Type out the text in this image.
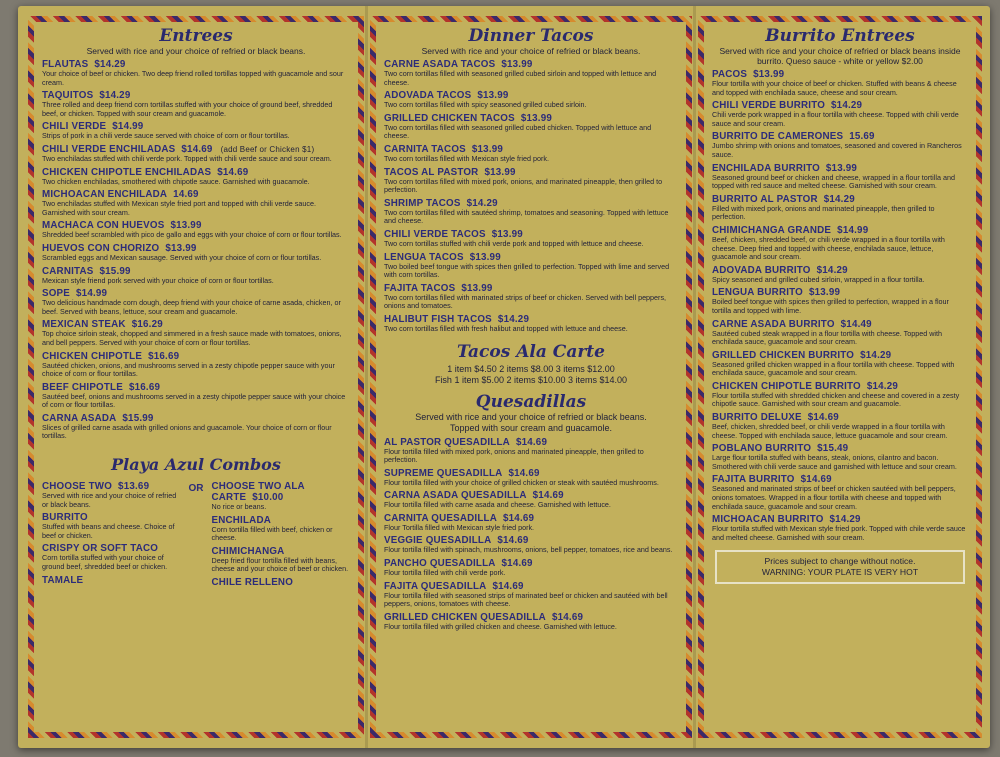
Entrees
Served with rice and your choice of refried or black beans.
FLAUTAS $14.29
Your choice of beef or chicken. Two deep friend rolled tortillas topped with guacamole and sour cream.
TAQUITOS $14.29
Three rolled and deep friend corn tortillas stuffed with your choice of ground beef, shredded beef, or chicken. Topped with sour cream and guacamole.
CHILI VERDE $14.99
Strips of pork in a chili verde sauce served with choice of corn or flour tortillas.
CHILI VERDE ENCHILADAS $14.69 (add Beef or Chicken $1)
Two enchiladas stuffed with chili verde pork. Topped with chili verde sauce and sour cream.
CHICKEN CHIPOTLE ENCHILADAS $14.69
Two chicken enchiladas, smothered with chipotle sauce. Garnished with guacamole.
MICHOACAN ENCHILADA 14.69
Two enchiladas stuffed with Mexican style fried port and topped with chili verde sauce. Garnished with sour cream.
MACHACA CON HUEVOS $13.99
Shredded beef scrambled with pico de gallo and eggs with your choice of corn or flour tortillas.
HUEVOS CON CHORIZO $13.99
Scrambled eggs and Mexican sausage. Served with your choice of corn or flour tortillas.
CARNITAS $15.99
Mexican style friend pork served with your choice of corn or flour tortillas.
SOPE $14.99
Two delicious handmade corn dough, deep friend with your choice of carne asada, chicken, or beef. Served with beans, lettuce, sour cream and guacamole.
MEXICAN STEAK $16.29
Top choice sirloin steak, chopped and simmered in a fresh sauce made with tomatoes, onions, and bell peppers. Served with your choice of corn or flour tortillas.
CHICKEN CHIPOTLE $16.69
Sautéed chicken, onions, and mushrooms served in a zesty chipotle pepper sauce with your choice of corn or flour tortillas.
BEEF CHIPOTLE $16.69
Sautéed beef, onions and mushrooms served in a zesty chipotle pepper sauce with your choice of corn or flour tortillas.
CARNA ASADA $15.99
Slices of grilled carne asada with grilled onions and guacamole. Your choice of corn or flour tortillas.
Playa Azul Combos
CHOOSE TWO $13.69
Served with rice and your choice of refried or black beans.
BURRITO
Stuffed with beans and cheese. Choice of beef or chicken.
CRISPY OR SOFT TACO
Corn tortilla stuffed with your choice of ground beef, shredded beef or chicken.
TAMALE
OR CHOOSE TWO ALA CARTE $10.00
No rice or beans.
ENCHILADA
Corn tortilla filled with beef, chicken or cheese.
CHIMICHANGA
Deep fried flour tortilla filled with beans, cheese and your choice of beef or chicken.
CHILE RELLENO
Dinner Tacos
Served with rice and your choice of refried or black beans.
CARNE ASADA TACOS $13.99
Two corn tortillas filled with seasoned grilled cubed sirloin and topped with lettuce and cheese.
ADOVADA TACOS $13.99
Two corn tortillas filled with spicy seasoned grilled cubed sirloin.
GRILLED CHICKEN TACOS $13.99
Two corn tortillas filled with seasoned grilled cubed chicken. Topped with lettuce and cheese.
CARNITA TACOS $13.99
Two corn tortillas filled with Mexican style fried pork.
TACOS AL PASTOR $13.99
Two corn tortillas filled with mixed pork, onions, and marinated pineapple, then grilled to perfection.
SHRIMP TACOS $14.29
Two corn tortillas filled with sautéed shrimp, tomatoes and seasoning. Topped with lettuce and cheese.
CHILI VERDE TACOS $13.99
Two corn tortillas stuffed with chili verde pork and topped with lettuce and cheese.
LENGUA TACOS $13.99
Two boiled beef tongue with spices then grilled to perfection. Topped with lime and served with corn tortillas.
FAJITA TACOS $13.99
Two corn tortillas filled with marinated strips of beef or chicken. Served with bell peppers, onions and tomatoes.
HALIBUT FISH TACOS $14.29
Two corn tortillas filled with fresh halibut and topped with lettuce and cheese.
Tacos Ala Carte
1 item $4.50 2 items $8.00 3 items $12.00
Fish 1 item $5.00 2 items $10.00 3 items $14.00
Quesadillas
Served with rice and your choice of refried or black beans.
Topped with sour cream and guacamole.
AL PASTOR QUESADILLA $14.69
Flour tortilla filled with mixed pork, onions and marinated pineapple, then grilled to perfection.
SUPREME QUESADILLA $14.69
Flour tortilla filled with your choice of grilled chicken or steak with sautéed mushrooms.
CARNA ASADA QUESADILLA $14.69
Flour tortilla filled with carne asada and cheese. Garnished with lettuce.
CARNITA QUESADILLA $14.69
Flour Tortilla filled with Mexican style fried pork.
VEGGIE QUESADILLA $14.69
Flour tortilla filled with spinach, mushrooms, onions, bell pepper, tomatoes, rice and beans.
PANCHO QUESADILLA $14.69
Flour tortilla filled with chili verde pork.
FAJITA QUESADILLA $14.69
Flour tortilla filled with seasoned strips of marinated beef or chicken and sautéed with bell peppers, onions, tomatoes with cheese.
GRILLED CHICKEN QUESADILLA $14.69
Flour tortilla filled with grilled chicken and cheese. Garnished with lettuce.
Burrito Entrees
Served with rice and your choice of refried or black beans inside burrito. Queso sauce - white or yellow $2.00
PACOS $13.99
Flour tortilla with your choice of beef or chicken. Stuffed with beans & cheese and topped with enchilada sauce, cheese and sour cream.
CHILI VERDE BURRITO $14.29
Chili verde pork wrapped in a flour tortilla with cheese. Topped with chili verde sauce and sour cream.
BURRITO DE CAMERONES 15.69
Jumbo shrimp with onions and tomatoes, seasoned and covered in Rancheros sauce.
ENCHILADA BURRITO $13.99
Seasoned ground beef or chicken and cheese, wrapped in a flour tortilla and topped with red sauce and melted cheese. Garnished with sour cream.
BURRITO AL PASTOR $14.29
Filled with mixed pork, onions and marinated pineapple, then grilled to perfection.
CHIMICHANGA GRANDE $14.99
Beef, chicken, shredded beef, or chili verde wrapped in a flour tortilla with cheese. Deep fried and topped with cheese, enchilada sauce, lettuce, guacamole and sour cream.
ADOVADA BURRITO $14.29
Spicy seasoned and grilled cubed sirloin, wrapped in a flour tortilla.
LENGUA BURRITO $13.99
Boiled beef tongue with spices then grilled to perfection, wrapped in a flour tortilla and topped with lime.
CARNE ASADA BURRITO $14.49
Sautéed cubed steak wrapped in a flour tortilla with cheese. Topped with enchilada sauce, guacamole and sour cream.
GRILLED CHICKEN BURRITO $14.29
Seasoned grilled chicken wrapped in a flour tortilla with cheese. Topped with enchilada sauce, guacamole and sour cream.
CHICKEN CHIPOTLE BURRITO $14.29
Flour tortilla stuffed with shredded chicken and cheese and covered in a zesty chipotle sauce. Garnished with sour cream and guacamole.
BURRITO DELUXE $14.69
Beef, chicken, shredded beef, or chili verde wrapped in a flour tortilla with cheese. Topped with enchilada sauce, lettuce guacamole and sour cream.
POBLANO BURRITO $15.49
Large flour tortilla stuffed with beans, steak, onions, cilantro and bacon. Smothered with chili verde sauce and garnished with lettuce and sour cream.
FAJITA BURRITO $14.69
Seasoned and marinated strips of beef or chicken sautéed with bell peppers, onions tomatoes. Wrapped in a flour tortilla with cheese and topped with enchilada sauce, guacamole and sour cream.
MICHOACAN BURRITO $14.29
Flour tortilla stuffed with Mexican style fried pork. Topped with chile verde sauce and melted cheese. Garnished with sour cream.
Prices subject to change without notice.
WARNING: YOUR PLATE IS VERY HOT
